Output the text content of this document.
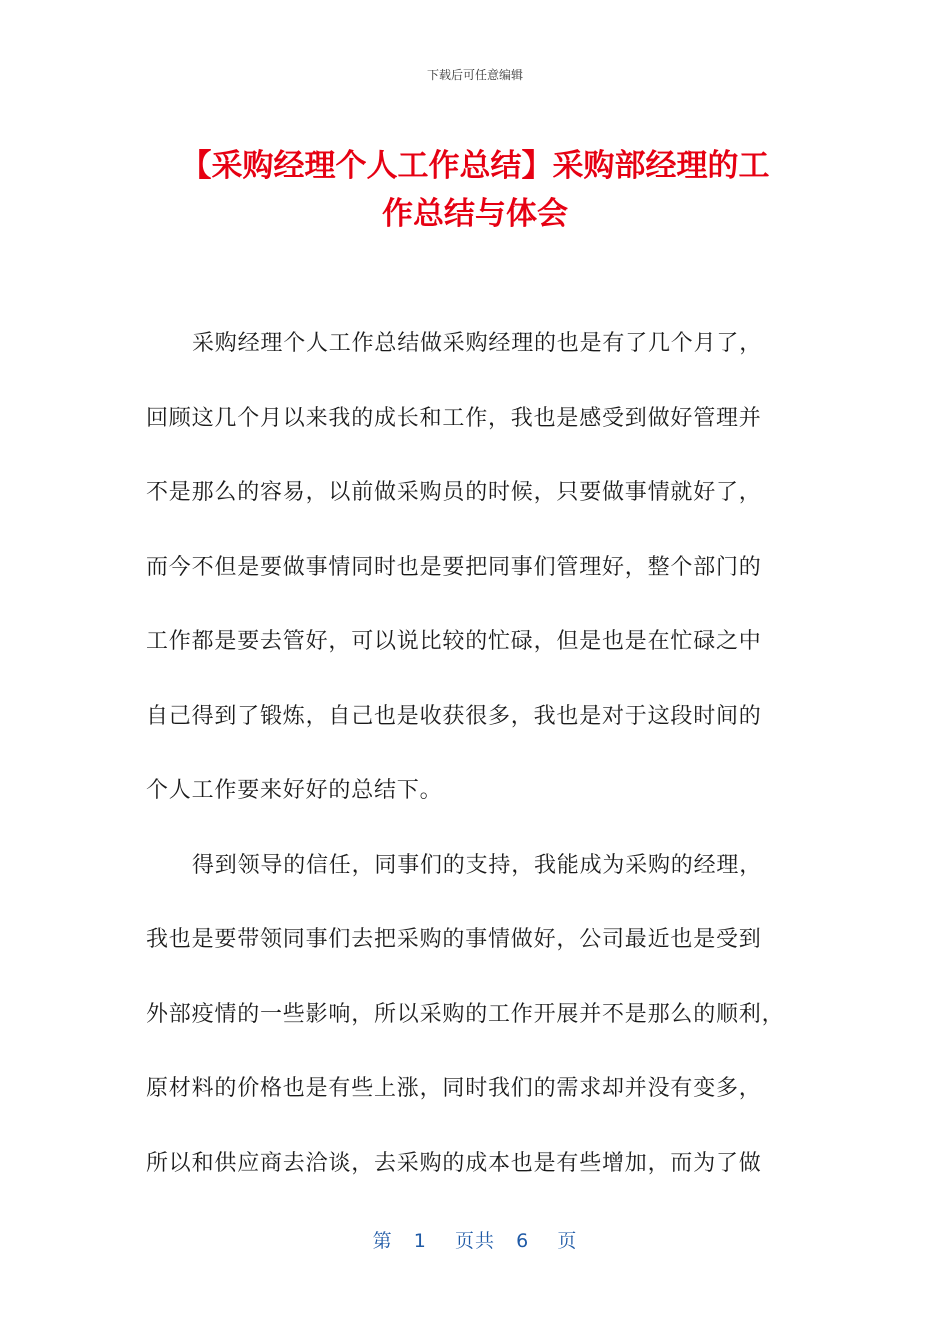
下载后可任意编辑
【采购经理个人工作总结】采购部经理的工
作总结与体会
采购经理个人工作总结做采购经理的也是有了几个月了，
回顾这几个月以来我的成长和工作，我也是感受到做好管理并
不是那么的容易，以前做采购员的时候，只要做事情就好了，
而今不但是要做事情同时也是要把同事们管理好，整个部门的
工作都是要去管好，可以说比较的忙碌，但是也是在忙碌之中
自己得到了锻炼，自己也是收获很多，我也是对于这段时间的
个人工作要来好好的总结下。
得到领导的信任，同事们的支持，我能成为采购的经理，
我也是要带领同事们去把采购的事情做好，公司最近也是受到
外部疫情的一些影响，所以采购的工作开展并不是那么的顺利，
原材料的价格也是有些上涨，同时我们的需求却并没有变多，
所以和供应商去洽谈，去采购的成本也是有些增加，而为了做
第 1 页共 6 页
